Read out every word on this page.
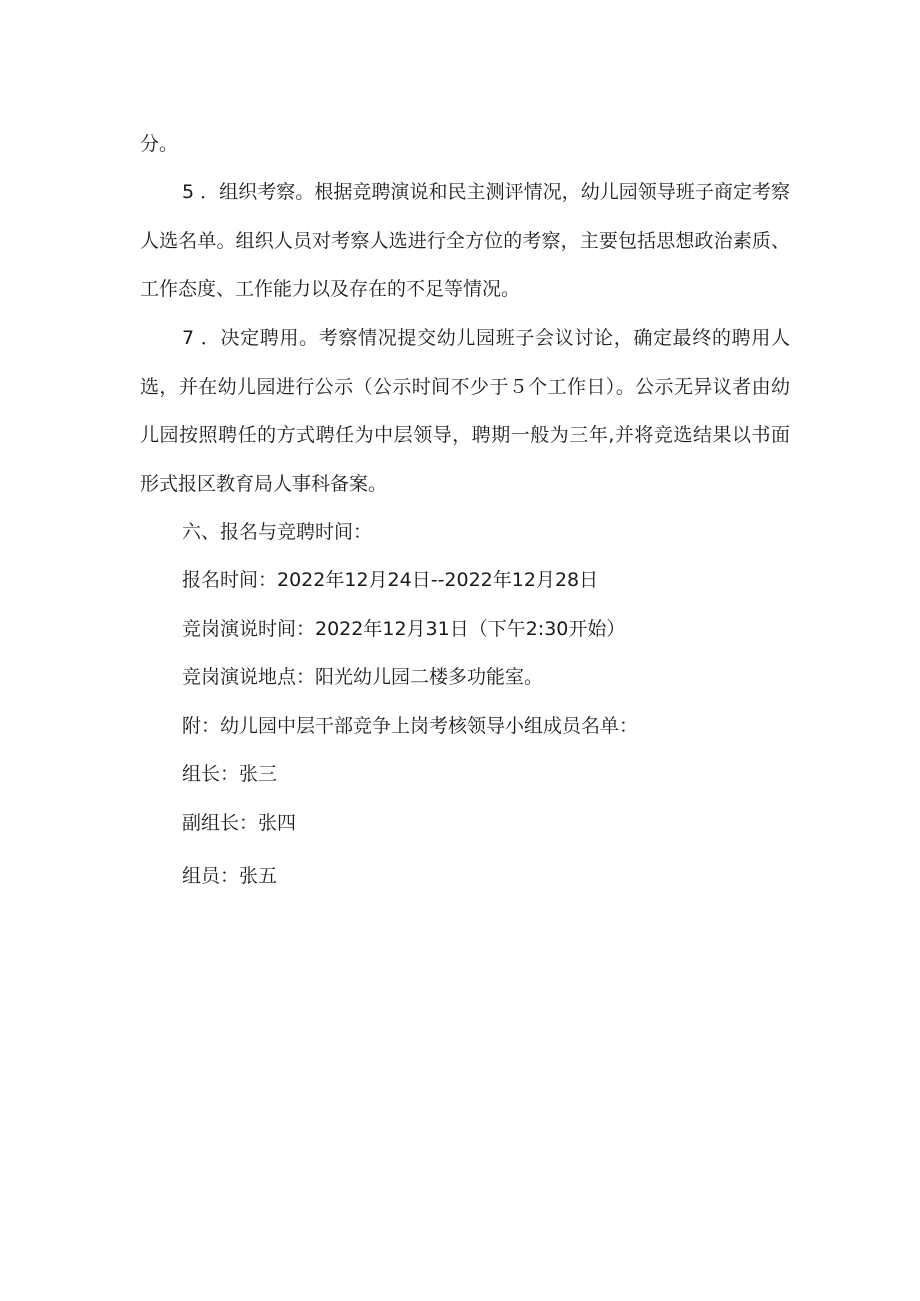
分。
5 ．组织考察。根据竞聘演说和民主测评情况，幼儿园领导班子商定考察人选名单。组织人员对考察人选进行全方位的考察，主要包括思想政治素质、工作态度、工作能力以及存在的不足等情况。
7 ．决定聘用。考察情况提交幼儿园班子会议讨论，确定最终的聘用人选，并在幼儿园进行公示（公示时间不少于５个工作日）。公示无异议者由幼儿园按照聘任的方式聘任为中层领导，聘期一般为三年,并将竞选结果以书面形式报区教育局人事科备案。
六、报名与竞聘时间：
报名时间：2022年12月24日--2022年12月28日
竞岗演说时间：2022年12月31日（下午2:30开始）
竞岗演说地点：阳光幼儿园二楼多功能室。
附：幼儿园中层干部竞争上岗考核领导小组成员名单：
组长：张三
副组长：张四
组员：张五
